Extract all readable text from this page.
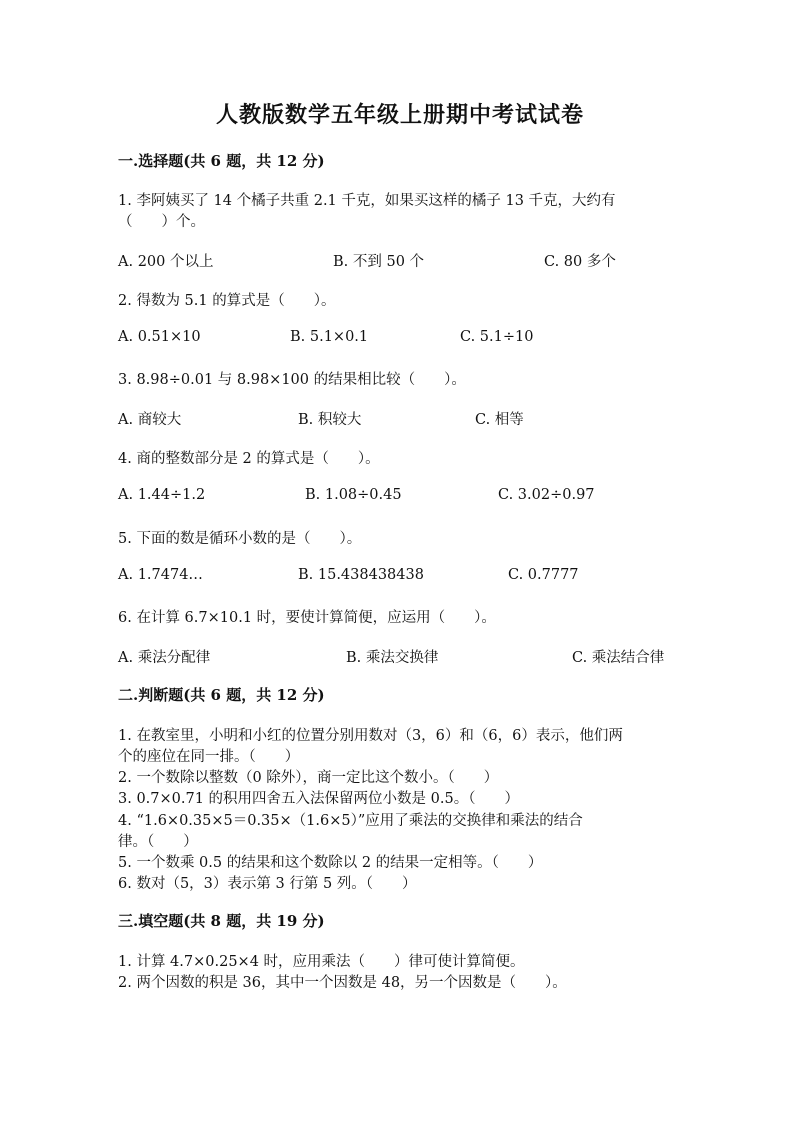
人教版数学五年级上册期中考试试卷
一.选择题(共 6 题，共 12 分)
1. 李阿姨买了 14 个橘子共重 2.1 千克，如果买这样的橘子 13 千克，大约有
（　　）个。
A. 200 个以上	B. 不到 50 个	C. 80 多个
2. 得数为 5.1 的算式是（　　）。
A. 0.51×10	B. 5.1×0.1	C. 5.1÷10
3. 8.98÷0.01 与 8.98×100 的结果相比较（　　）。
A. 商较大	B. 积较大	C. 相等
4. 商的整数部分是 2 的算式是（　　）。
A. 1.44÷1.2	B. 1.08÷0.45	C. 3.02÷0.97
5. 下面的数是循环小数的是（　　）。
A. 1.7474…	B. 15.438438438	C. 0.7777
6. 在计算 6.7×10.1 时，要使计算简便，应运用（　　）。
A. 乘法分配律	B. 乘法交换律	C. 乘法结合律
二.判断题(共 6 题，共 12 分)
1. 在教室里，小明和小红的位置分别用数对（3，6）和（6，6）表示，他们两
个的座位在同一排。（　　）
2. 一个数除以整数（0 除外），商一定比这个数小。（　　）
3. 0.7×0.71 的积用四舍五入法保留两位小数是 0.5。（　　）
4. “1.6×0.35×5＝0.35×（1.6×5）”应用了乘法的交换律和乘法的结合
律。（　　）
5. 一个数乘 0.5 的结果和这个数除以 2 的结果一定相等。（　　）
6. 数对（5，3）表示第 3 行第 5 列。（　　）
三.填空题(共 8 题，共 19 分)
1. 计算 4.7×0.25×4 时，应用乘法（　　）律可使计算简便。
2. 两个因数的积是 36，其中一个因数是 48，另一个因数是（　　）。
